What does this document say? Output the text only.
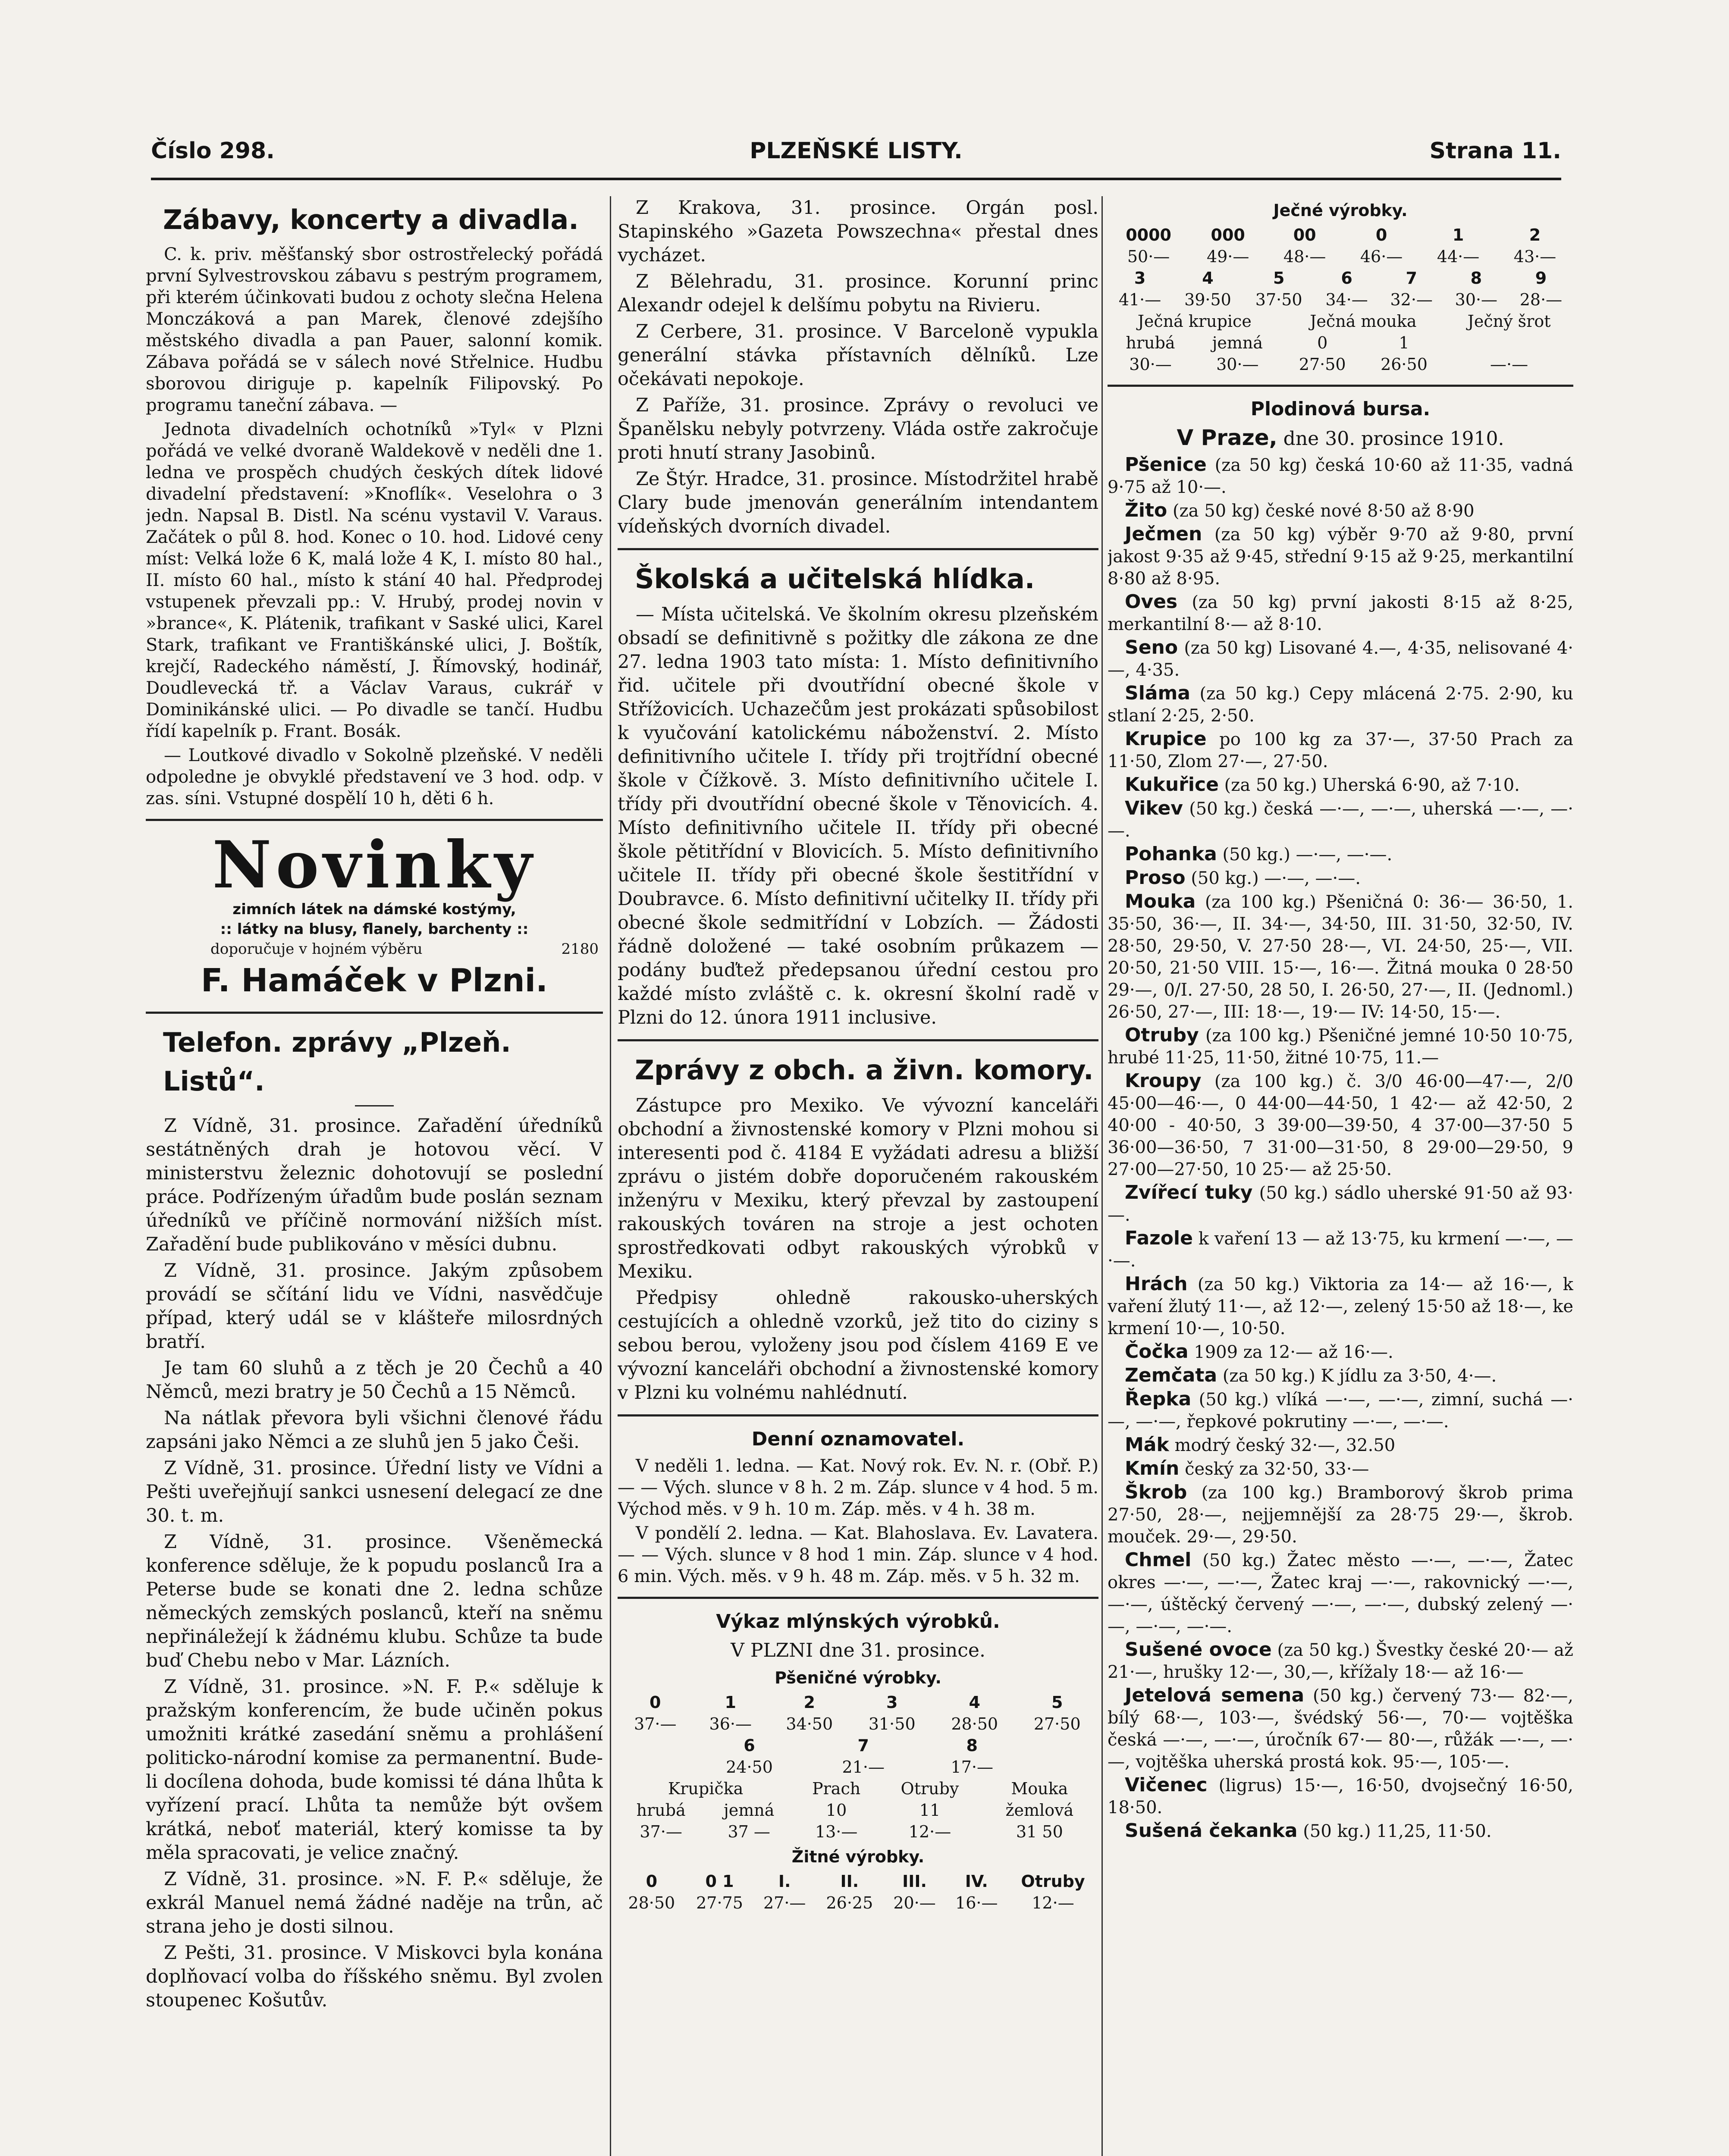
Číslo 298.	PLZEŇSKÉ LISTY.	Strana 11.
Zábavy, koncerty a divadla.

C. k. priv. měšťanský sbor ostrostřelecký pořádá první Sylvestrovskou zábavu s pestrým programem, při kterém účinkovati budou z ochoty slečna Helena Monczáková a pan Marek, členové zdejšího městského divadla a pan Pauer, salonní komik. Zábava pořádá se v sálech nové Střelnice. Hudbu sborovou diriguje p. kapelník Filipovský. Po programu taneční zábava. —

Jednota divadelních ochotníků »Tyl« v Plzni pořádá ve velké dvoraně Waldekově v neděli dne 1. ledna ve prospěch chudých českých dítek lidové divadelní představení: »Knoflík«. Veselohra o 3 jedn. Napsal B. Distl. Na scénu vystavil V. Varaus. Začátek o půl 8. hod. Konec o 10. hod. Lidové ceny míst: Velká lože 6 K, malá lože 4 K, I. místo 80 hal., II. místo 60 hal., místo k stání 40 hal. Předprodej vstupenek převzali pp.: V. Hrubý, prodej novin v »brance«, K. Plátenik, trafikant v Saské ulici, Karel Stark, trafikant ve Františkánské ulici, J. Boštík, krejčí, Radeckého náměstí, J. Římovský, hodinář, Doudlevecká tř. a Václav Varaus, cukrář v Dominikánské ulici. — Po divadle se tančí. Hudbu řídí kapelník p. Frant. Bosák.

— Loutkové divadlo v Sokolně plzeňské. V neděli odpoledne je obvyklé představení ve 3 hod. odp. v zas. síni. Vstupné dospělí 10 h, děti 6 h.

Novinky
zimních látek na dámské kostýmy,
:: látky na blusy, flanely, barchenty ::
doporučuje v hojném výběru	2180
F. Hamáček v Plzni.
Telefon. zprávy „Plzeň. Listů“.

Z Vídně, 31. prosince. Zařadění úředníků sestátněných drah je hotovou věcí. V ministerstvu železnic dohotovují se poslední práce. Podřízeným úřadům bude poslán seznam úředníků ve příčině normování nižších míst. Zařadění bude publikováno v měsíci dubnu.

Z Vídně, 31. prosince. Jakým způsobem provádí se sčítání lidu ve Vídni, nasvědčuje případ, který udál se v klášteře milosrdných bratří.

Je tam 60 sluhů a z těch je 20 Čechů a 40 Němců, mezi bratry je 50 Čechů a 15 Němců.

Na nátlak převora byli všichni členové řádu zapsáni jako Němci a ze sluhů jen 5 jako Češi.

Z Vídně, 31. prosince. Úřední listy ve Vídni a Pešti uveřejňují sankci usnesení delegací ze dne 30. t. m.

Z Vídně, 31. prosince. Všeněmecká konference sděluje, že k popudu poslanců Ira a Peterse bude se konati dne 2. ledna schůze německých zemských poslanců, kteří na sněmu nepřináležejí k žádnému klubu. Schůze ta bude buď Chebu nebo v Mar. Lázních.

Z Vídně, 31. prosince. »N. F. P.« sděluje k pražským konferencím, že bude učiněn pokus umožniti krátké zasedání sněmu a prohlášení politicko-národní komise za permanentní. Bude-li docílena dohoda, bude komissi té dána lhůta k vyřízení prací. Lhůta ta nemůže být ovšem krátká, neboť materiál, který komisse ta by měla spracovati, je velice značný.

Z Vídně, 31. prosince. »N. F. P.« sděluje, že exkrál Manuel nemá žádné naděje na trůn, ač strana jeho je dosti silnou.

Z Pešti, 31. prosince. V Miskovci byla konána doplňovací volba do říšského sněmu. Byl zvolen stoupenec Košutův.

Z Krakova, 31. prosince. Orgán posl. Stapinského »Gazeta Powszechna« přestal dnes vycházet.

Z Bělehradu, 31. prosince. Korunní princ Alexandr odejel k delšímu pobytu na Rivieru.

Z Cerbere, 31. prosince. V Barceloně vypukla generální stávka přístavních dělníků. Lze očekávati nepokoje.

Z Paříže, 31. prosince. Zprávy o revoluci ve Španělsku nebyly potvrzeny. Vláda ostře zakročuje proti hnutí strany Jasobinů.

Ze Štýr. Hradce, 31. prosince. Místodržitel hrabě Clary bude jmenován generálním intendantem vídeňských dvorních divadel.

Školská a učitelská hlídka.

— Místa učitelská. Ve školním okresu plzeňském obsadí se definitivně s požitky dle zákona ze dne 27. ledna 1903 tato místa: 1. Místo definitivního řid. učitele při dvoutřídní obecné škole v Střížovicích. Uchazečům jest prokázati spůsobilost k vyučování katolickému náboženství. 2. Místo definitivního učitele I. třídy při trojtřídní obecné škole v Čížkově. 3. Místo definitivního učitele I. třídy při dvoutřídní obecné škole v Těnovicích. 4. Místo definitivního učitele II. třídy při obecné škole pětitřídní v Blovicích. 5. Místo definitivního učitele II. třídy při obecné škole šestitřídní v Doubravce. 6. Místo definitivní učitelky II. třídy při obecné škole sedmitřídní v Lobzích. — Žádosti řádně doložené — také osobním průkazem — podány buďtež předepsanou úřední cestou pro každé místo zvláště c. k. okresní školní radě v Plzni do 12. února 1911 inclusive.

Zprávy z obch. a živn. komory.

Zástupce pro Mexiko. Ve vývozní kanceláři obchodní a živnostenské komory v Plzni mohou si interesenti pod č. 4184 E vyžádati adresu a bližší zprávu o jistém dobře doporučeném rakouském inženýru v Mexiku, který převzal by zastoupení rakouských továren na stroje a jest ochoten sprostředkovati odbyt rakouských výrobků v Mexiku.

Předpisy ohledně rakousko-uherských cestujících a ohledně vzorků, jež tito do ciziny s sebou berou, vyloženy jsou pod číslem 4169 E ve vývozní kanceláři obchodní a živnostenské komory v Plzni ku volnému nahlédnutí.

Denní oznamovatel.

V neděli 1. ledna. — Kat. Nový rok. Ev. N. r. (Obř. P.) — — Vých. slunce v 8 h. 2 m. Záp. slunce v 4 hod. 5 m. Východ měs. v 9 h. 10 m. Záp. měs. v 4 h. 38 m.

V pondělí 2. ledna. — Kat. Blahoslava. Ev. Lavatera. — — Vých. slunce v 8 hod 1 min. Záp. slunce v 4 hod. 6 min. Vých. měs. v 9 h. 48 m. Záp. měs. v 5 h. 32 m.

Výkaz mlýnských výrobků.
V PLZNI dne 31. prosince.
Pšeničné výrobky.
0	1	2	3	4	5
37·—	36·—	34·50	31·50	28·50	27·50
6	7	8
24·50	21·—	17·—
Krupička		Prach	Otruby	Mouka
hrubá	jemná	10	11	žemlová
37·—	37 —	13·—	12·—	31 50
Žitné výrobky.
0	0 1	I.	II.	III.	IV.	Otruby
28·50	27·75	27·—	26·25	20·—	16·—	12·—
Ječné výrobky.
0000	000	00	0	1	2
50·—	49·—	48·—	46·—	44·—	43·—
3	4	5	6	7	8	9
41·—	39·50	37·50	34·—	32·—	30·—	28·—
Ječná krupice		Ječná mouka		Ječný šrot
hrubá	jemná	0	1	
30·—	30·—	27·50	26·50	—·—
Plodinová bursa.
V Praze, dne 30. prosince 1910.

Pšenice (za 50 kg) česká 10·60 až 11·35, vadná 9·75 až 10·—.

Žito (za 50 kg) české nové 8·50 až 8·90

Ječmen (za 50 kg) výběr 9·70 až 9·80, první jakost 9·35 až 9·45, střední 9·15 až 9·25, merkantilní 8·80 až 8·95.

Oves (za 50 kg) první jakosti 8·15 až 8·25, merkantilní 8·— až 8·10.

Seno (za 50 kg) Lisované 4.—, 4·35, nelisované 4·—, 4·35.

Sláma (za 50 kg.) Cepy mlácená 2·75. 2·90, ku stlaní 2·25, 2·50.

Krupice po 100 kg za 37·—, 37·50 Prach za 11·50, Zlom 27·—, 27·50.

Kukuřice (za 50 kg.) Uherská 6·90, až 7·10.

Vikev (50 kg.) česká —·—, —·—, uherská —·—, —·—.

Pohanka (50 kg.) —·—, —·—.

Proso (50 kg.) —·—, —·—.

Mouka (za 100 kg.) Pšeničná 0: 36·— 36·50, 1. 35·50, 36·—, II. 34·—, 34·50, III. 31·50, 32·50, IV. 28·50, 29·50, V. 27·50 28·—, VI. 24·50, 25·—, VII. 20·50, 21·50 VIII. 15·—, 16·—. Žitná mouka 0 28·50 29·—, 0/I. 27·50, 28 50, I. 26·50, 27·—, II. (Jednoml.) 26·50, 27·—, III: 18·—, 19·— IV: 14·50, 15·—.

Otruby (za 100 kg.) Pšeničné jemné 10·50 10·75, hrubé 11·25, 11·50, žitné 10·75, 11.—

Kroupy (za 100 kg.) č. 3/0 46·00—47·—, 2/0 45·00—46·—, 0 44·00—44·50, 1 42·— až 42·50, 2 40·00 - 40·50, 3 39·00—39·50, 4 37·00—37·50 5 36·00—36·50, 7 31·00—31·50, 8 29·00—29·50, 9 27·00—27·50, 10 25·— až 25·50.

Zvířecí tuky (50 kg.) sádlo uherské 91·50 až 93·—.

Fazole k vaření 13 — až 13·75, ku krmení —·—, —·—.

Hrách (za 50 kg.) Viktoria za 14·— až 16·—, k vaření žlutý 11·—, až 12·—, zelený 15·50 až 18·—, ke krmení 10·—, 10·50.

Čočka 1909 za 12·— až 16·—.

Zemčata (za 50 kg.) K jídlu za 3·50, 4·—.

Řepka (50 kg.) vlíká —·—, —·—, zimní, suchá —·—, —·—, řepkové pokrutiny —·—, —·—.

Mák modrý český 32·—, 32.50

Kmín český za 32·50, 33·—

Škrob (za 100 kg.) Bramborový škrob prima 27·50, 28·—, nejjemnější za 28·75 29·—, škrob. mouček. 29·—, 29·50.

Chmel (50 kg.) Žatec město —·—, —·—, Žatec okres —·—, —·—, Žatec kraj —·—, rakovnický —·—, —·—, úštěcký červený —·—, —·—, dubský zelený —·—, —·—, —·—.

Sušené ovoce (za 50 kg.) Švestky české 20·— až 21·—, hrušky 12·—, 30,—, křížaly 18·— až 16·—

Jetelová semena (50 kg.) červený 73·— 82·—, bílý 68·—, 103·—, švédský 56·—, 70·— vojtěška česká —·—, —·—, úročník 67·— 80·—, růžák —·—, —·—, vojtěška uherská prostá kok. 95·—, 105·—.

Vičenec (ligrus) 15·—, 16·50, dvojsečný 16·50, 18·50.

Sušená čekanka (50 kg.) 11,25, 11·50.
